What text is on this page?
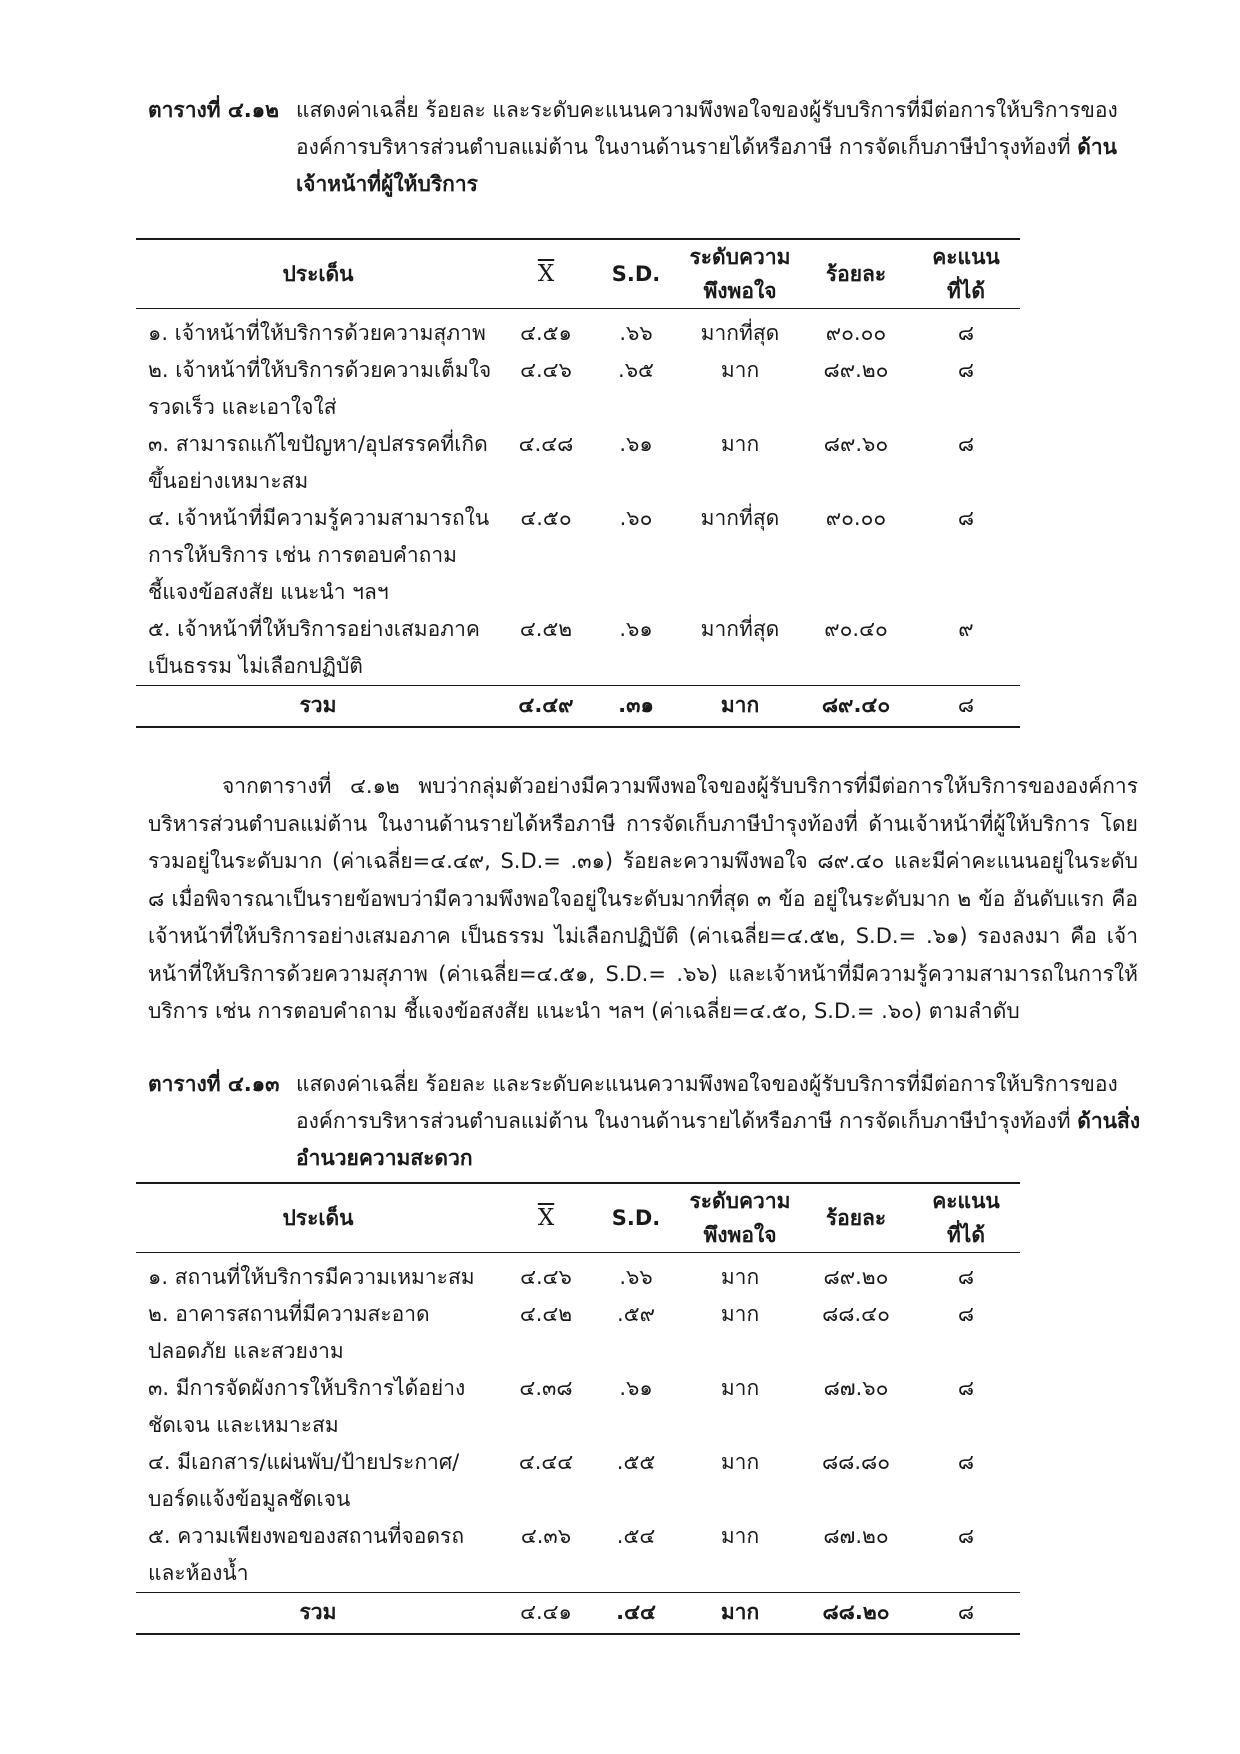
ตารางที่ ๔.๑๒ แสดงค่าเฉลี่ย ร้อยละ และระดับคะแนนความพึงพอใจของผู้รับบริการที่มีต่อการให้บริการขององค์การบริหารส่วนตำบลแม่ต้าน ในงานด้านรายได้หรือภาษี การจัดเก็บภาษีบำรุงท้องที่ ด้านเจ้าหน้าที่ผู้ให้บริการ
ประเด็น	$\overline{X}$	S.D.	ระดับความพึงพอใจ	ร้อยละ	คะแนนที่ได้
๑. เจ้าหน้าที่ให้บริการด้วยความสุภาพ	๔.๕๑	.๖๖	มากที่สุด	๙๐.๐๐	๘
๒. เจ้าหน้าที่ให้บริการด้วยความเต็มใจ รวดเร็ว และเอาใจใส่	๔.๔๖	.๖๕	มาก	๘๙.๒๐	๘
๓. สามารถแก้ไขปัญหา/อุปสรรคที่เกิดขึ้นอย่างเหมาะสม	๔.๔๘	.๖๑	มาก	๘๙.๖๐	๘
๔. เจ้าหน้าที่มีความรู้ความสามารถในการให้บริการ เช่น การตอบคำถาม ชี้แจงข้อสงสัย แนะนำ ฯลฯ	๔.๕๐	.๖๐	มากที่สุด	๙๐.๐๐	๘
๕. เจ้าหน้าที่ให้บริการอย่างเสมอภาค เป็นธรรม ไม่เลือกปฏิบัติ	๔.๕๒	.๖๑	มากที่สุด	๙๐.๔๐	๙
รวม	๔.๔๙	.๓๑	มาก	๘๙.๔๐	๘
จากตารางที่ ๔.๑๒ พบว่ากลุ่มตัวอย่างมีความพึงพอใจของผู้รับบริการที่มีต่อการให้บริการขององค์การบริหารส่วนตำบลแม่ต้าน ในงานด้านรายได้หรือภาษี การจัดเก็บภาษีบำรุงท้องที่ ด้านเจ้าหน้าที่ผู้ให้บริการ โดยรวมอยู่ในระดับมาก (ค่าเฉลี่ย=๔.๔๙, S.D.= .๓๑) ร้อยละความพึงพอใจ ๘๙.๔๐ และมีค่าคะแนนอยู่ในระดับ ๘ เมื่อพิจารณาเป็นรายข้อพบว่ามีความพึงพอใจอยู่ในระดับมากที่สุด ๓ ข้อ อยู่ในระดับมาก ๒ ข้อ อันดับแรก คือ เจ้าหน้าที่ให้บริการอย่างเสมอภาค เป็นธรรม ไม่เลือกปฏิบัติ (ค่าเฉลี่ย=๔.๕๒, S.D.= .๖๑) รองลงมา คือ เจ้าหน้าที่ให้บริการด้วยความสุภาพ (ค่าเฉลี่ย=๔.๕๑, S.D.= .๖๖) และเจ้าหน้าที่มีความรู้ความสามารถในการให้บริการ เช่น การตอบคำถาม ชี้แจงข้อสงสัย แนะนำ ฯลฯ (ค่าเฉลี่ย=๔.๕๐, S.D.= .๖๐) ตามลำดับ
ตารางที่ ๔.๑๓ แสดงค่าเฉลี่ย ร้อยละ และระดับคะแนนความพึงพอใจของผู้รับบริการที่มีต่อการให้บริการขององค์การบริหารส่วนตำบลแม่ต้าน ในงานด้านรายได้หรือภาษี การจัดเก็บภาษีบำรุงท้องที่ ด้านสิ่งอำนวยความสะดวก
ประเด็น	$\overline{X}$	S.D.	ระดับความพึงพอใจ	ร้อยละ	คะแนนที่ได้
๑. สถานที่ให้บริการมีความเหมาะสม	๔.๔๖	.๖๖	มาก	๘๙.๒๐	๘
๒. อาคารสถานที่มีความสะอาด ปลอดภัย และสวยงาม	๔.๔๒	.๕๙	มาก	๘๘.๔๐	๘
๓. มีการจัดผังการให้บริการได้อย่างชัดเจน และเหมาะสม	๔.๓๘	.๖๑	มาก	๘๗.๖๐	๘
๔. มีเอกสาร/แผ่นพับ/ป้ายประกาศ/บอร์ดแจ้งข้อมูลชัดเจน	๔.๔๔	.๕๕	มาก	๘๘.๘๐	๘
๕. ความเพียงพอของสถานที่จอดรถและห้องน้ำ	๔.๓๖	.๕๔	มาก	๘๗.๒๐	๘
รวม	๔.๔๑	.๔๔	มาก	๘๘.๒๐	๘
